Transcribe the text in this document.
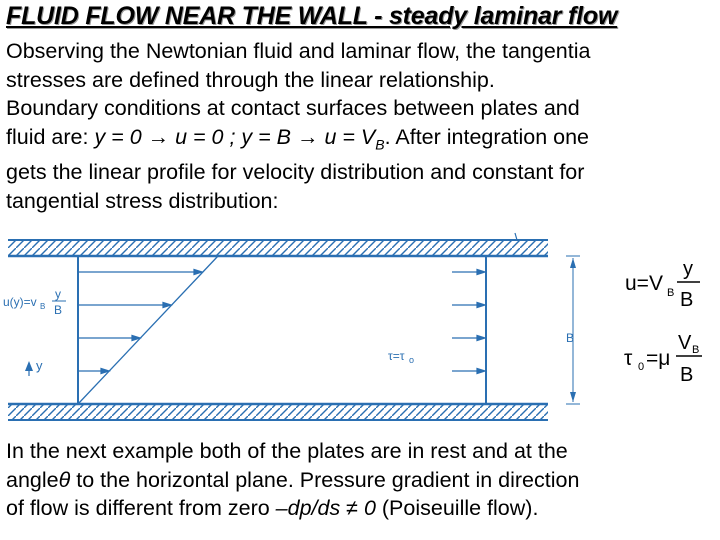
FLUID FLOW NEAR THE WALL - steady laminar flow
Observing the Newtonian fluid and laminar flow, the tangentia
stresses are defined through the linear relationship.
Boundary conditions at contact surfaces between plates and
fluid are: y = 0 → u = 0 ; $y = B \to u = V_B$. After integration one
gets the linear profile for velocity distribution and constant for
tangential stress distribution:
u(y)=v B
y
B
y
τ=τ o
B
u=V B
y
B
τ 0 =μ
V B
B
In the next example both of the plates are in rest and at the
angleθ to the horizontal plane. Pressure gradient in direction
of flow is different from zero –dp/ds ≠ 0 (Poiseuille flow).
